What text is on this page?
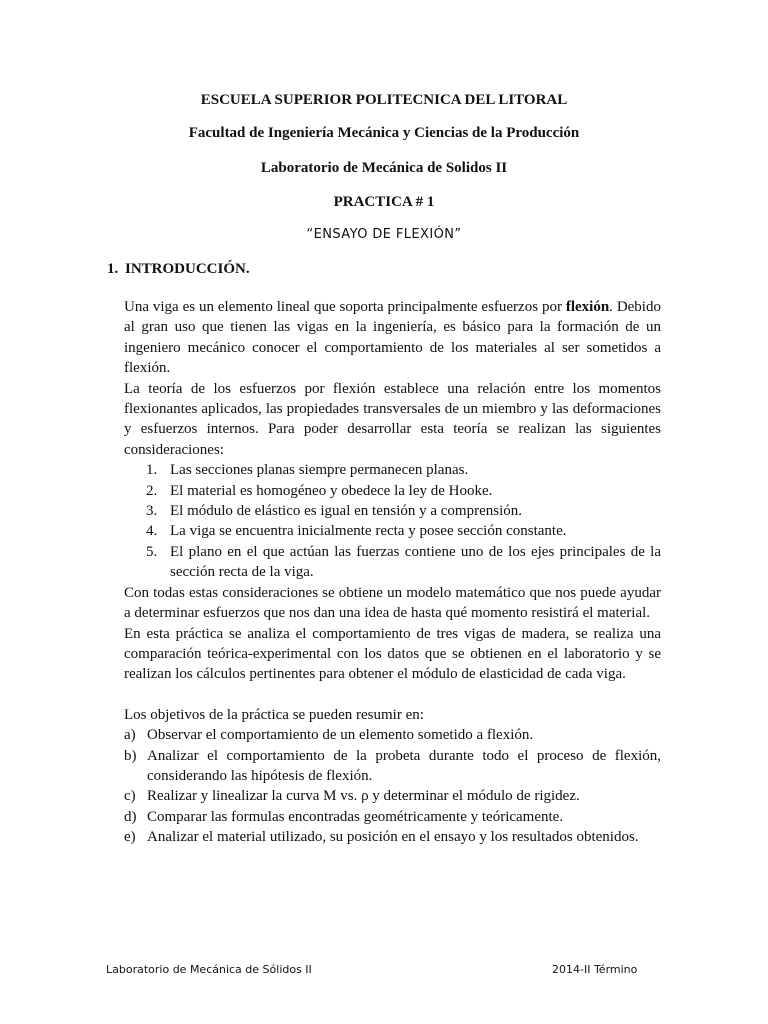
ESCUELA SUPERIOR POLITECNICA DEL LITORAL
Facultad de Ingeniería Mecánica y Ciencias de la Producción
Laboratorio de Mecánica de Solidos II
PRACTICA # 1
“ENSAYO DE FLEXIÓN”
1. INTRODUCCIÓN.

Una viga es un elemento lineal que soporta principalmente esfuerzos por flexión. Debido al gran uso que tienen las vigas en la ingeniería, es básico para la formación de un ingeniero mecánico conocer el comportamiento de los materiales al ser sometidos a flexión.

La teoría de los esfuerzos por flexión establece una relación entre los momentos flexionantes aplicados, las propiedades transversales de un miembro y las deformaciones y esfuerzos internos. Para poder desarrollar esta teoría se realizan las siguientes consideraciones:

1. Las secciones planas siempre permanecen planas.
2. El material es homogéneo y obedece la ley de Hooke.
3. El módulo de elástico es igual en tensión y a comprensión.
4. La viga se encuentra inicialmente recta y posee sección constante.
5. El plano en el que actúan las fuerzas contiene uno de los ejes principales de la sección recta de la viga.

Con todas estas consideraciones se obtiene un modelo matemático que nos puede ayudar a determinar esfuerzos que nos dan una idea de hasta qué momento resistirá el material.

En esta práctica se analiza el comportamiento de tres vigas de madera, se realiza una comparación teórica-experimental con los datos que se obtienen en el laboratorio y se realizan los cálculos pertinentes para obtener el módulo de elasticidad de cada viga.

Los objetivos de la práctica se pueden resumir en:

a) Observar el comportamiento de un elemento sometido a flexión.
b) Analizar el comportamiento de la probeta durante todo el proceso de flexión, considerando las hipótesis de flexión.
c) Realizar y linealizar la curva M vs. ρ y determinar el módulo de rigidez.
d) Comparar las formulas encontradas geométricamente y teóricamente.
e) Analizar el material utilizado, su posición en el ensayo y los resultados obtenidos.
Laboratorio de Mecánica de Sólidos II	2014-II Término
